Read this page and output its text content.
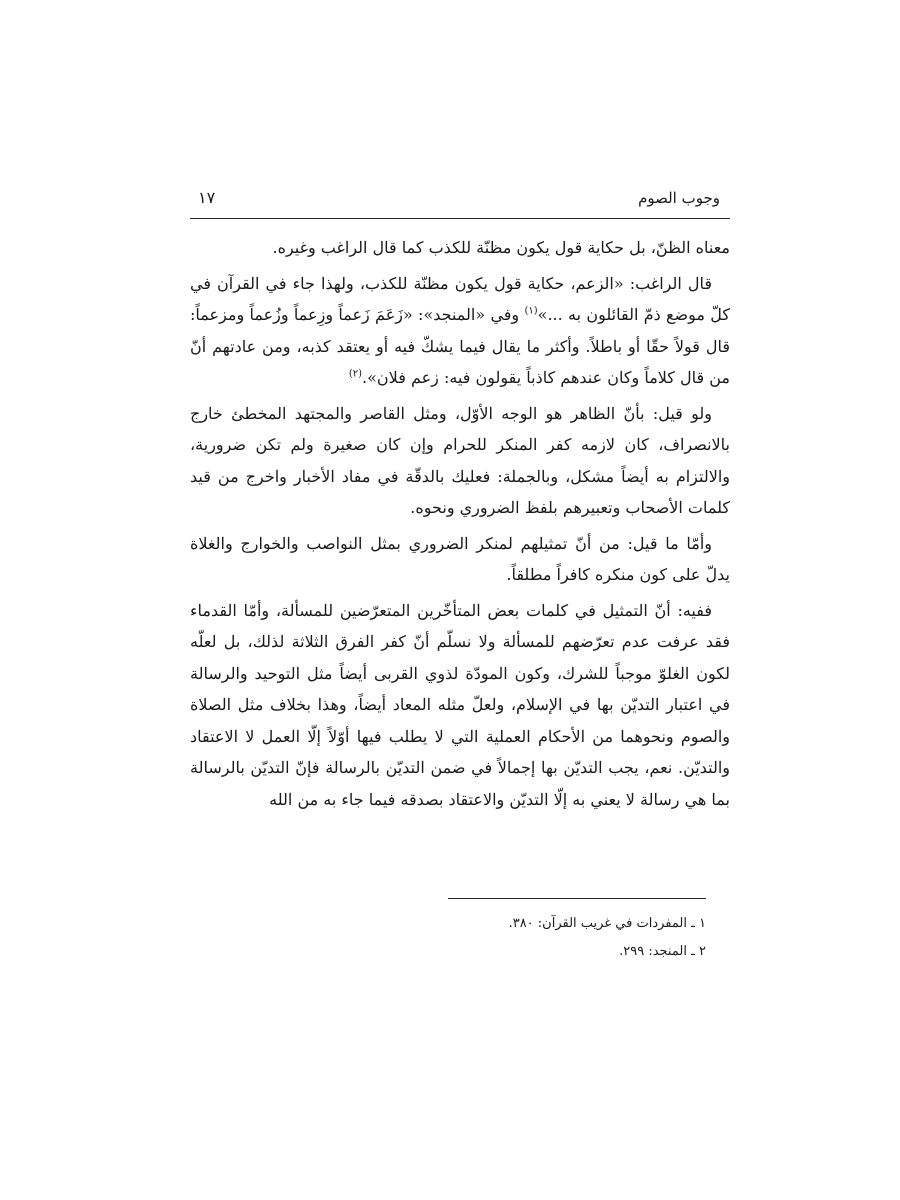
وجوب الصوم
١٧

معناه الظنّ، بل حكاية قول يكون مظنّة للكذب كما قال الراغب وغيره.

قال الراغب: «الزعم، حكاية قول يكون مظنّة للكذب، ولهذا جاء في القرآن في كلّ موضع ذمّ القائلون به ...»$^{(١)}$ وفي «المنجد»: «زَعَمَ زَعماً وزِعماً وزُعماً ومزعماً: قال قولاً حقّا أو باطلاً. وأكثر ما يقال فيما يشكّ فيه أو يعتقد كذبه، ومن عادتهم أنّ من قال كلاماً وكان عندهم كاذباً يقولون فيه: زعم فلان».$^{(٢)}$

ولو قيل: بأنّ الظاهر هو الوجه الأوّل، ومثل القاصر والمجتهد المخطئ خارج بالانصراف، كان لازمه كفر المنكر للحرام وإن كان صغيرة ولم تكن ضرورية، والالتزام به أيضاً مشكل، وبالجملة: فعليك بالدقّة في مفاد الأخبار واخرج من قيد كلمات الأصحاب وتعبيرهم بلفظ الضروري ونحوه.

وأمّا ما قيل: من أنّ تمثيلهم لمنكر الضروري بمثل النواصب والخوارج والغلاة يدلّ على كون منكره كافراً مطلقاً.

ففيه: أنّ التمثيل في كلمات بعض المتأخّرين المتعرّضين للمسألة، وأمّا القدماء فقد عرفت عدم تعرّضهم للمسألة ولا نسلّم أنّ كفر الفرق الثلاثة لذلك، بل لعلّه لكون الغلوّ موجباً للشرك، وكون المودّة لذوي القربى أيضاً مثل التوحيد والرسالة في اعتبار التديّن بها في الإسلام، ولعلّ مثله المعاد أيضاً، وهذا بخلاف مثل الصلاة والصوم ونحوهما من الأحكام العملية التي لا يطلب فيها أوّلاً إلّا العمل لا الاعتقاد والتديّن. نعم، يجب التديّن بها إجمالاً في ضمن التديّن بالرسالة فإنّ التديّن بالرسالة بما هي رسالة لا يعني به إلّا التديّن والاعتقاد بصدقه فيما جاء به من الله

١ ـ المفردات في غريب القرآن: ٣٨٠.
٢ ـ المنجد: ٢٩٩.
